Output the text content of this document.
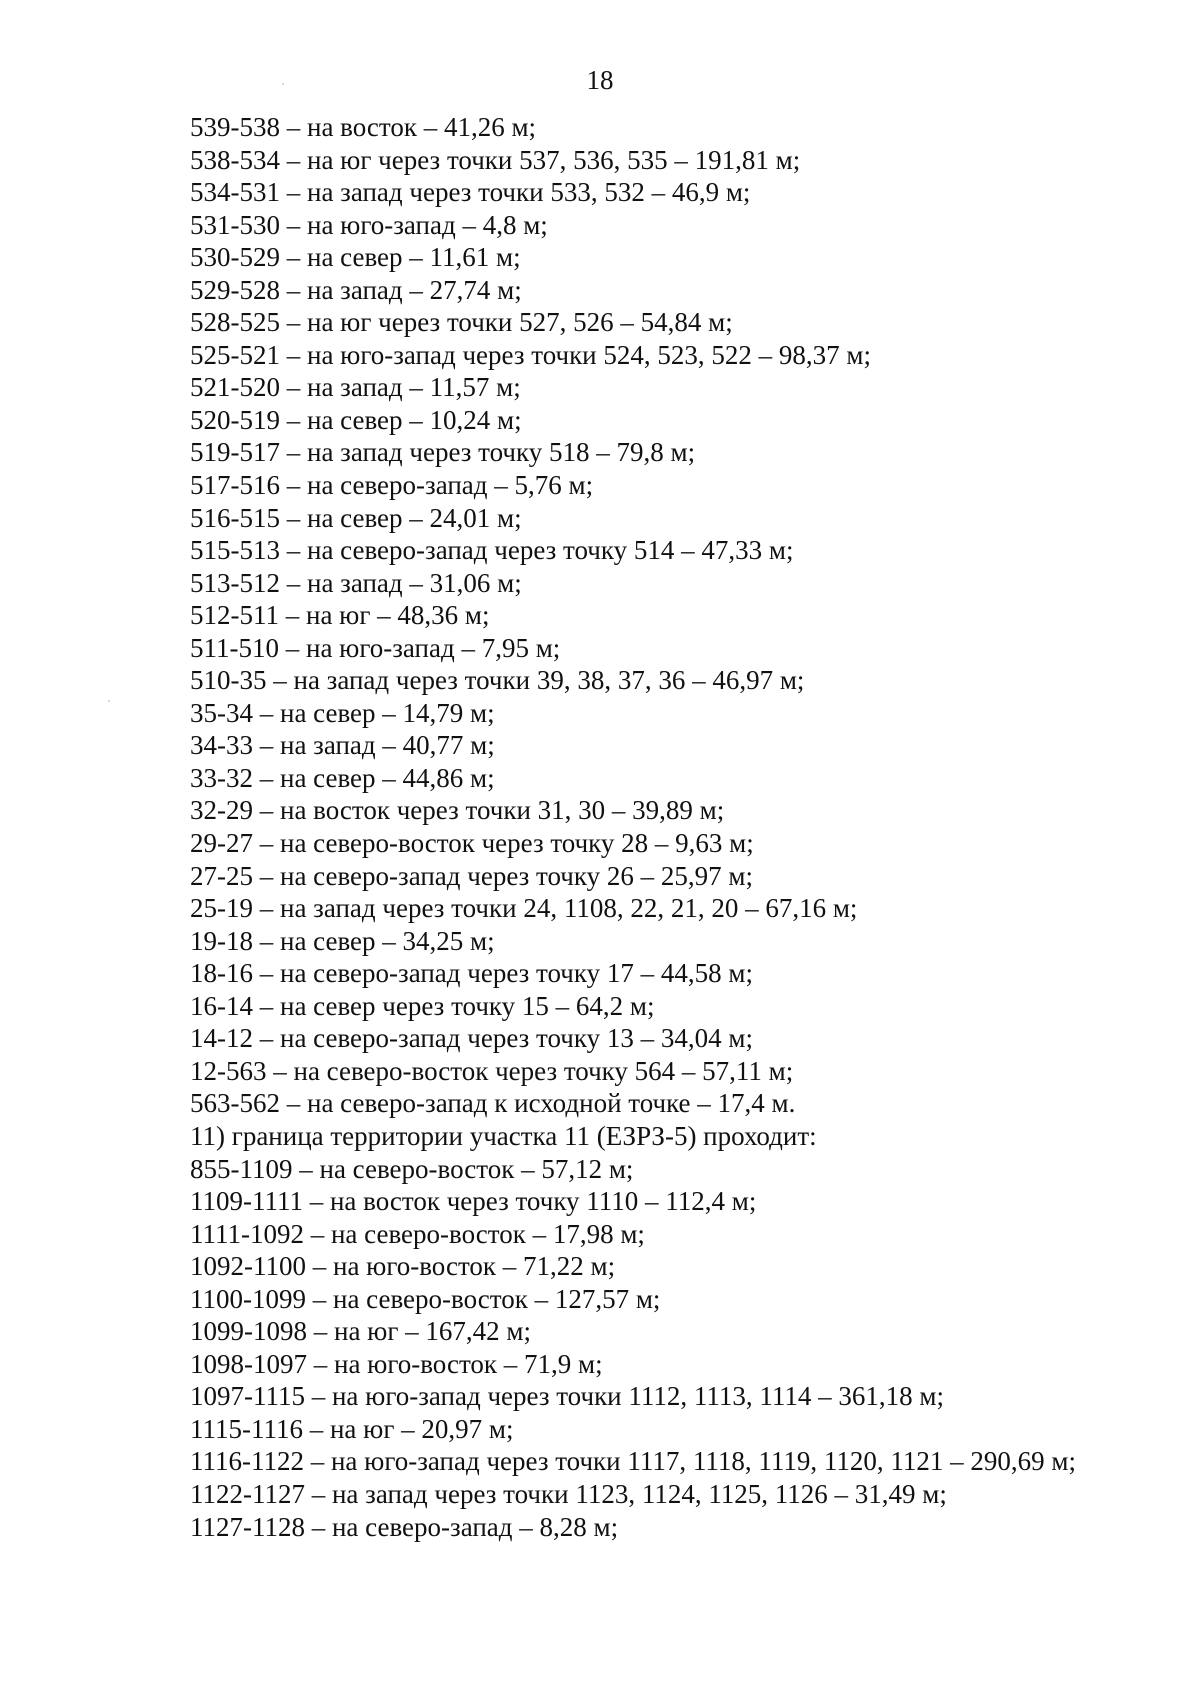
18
539-538 – на восток – 41,26 м;
538-534 – на юг через точки 537, 536, 535 – 191,81 м;
534-531 – на запад через точки 533, 532 – 46,9 м;
531-530 – на юго-запад – 4,8 м;
530-529 – на север – 11,61 м;
529-528 – на запад – 27,74 м;
528-525 – на юг через точки 527, 526 – 54,84 м;
525-521 – на юго-запад через точки 524, 523, 522 – 98,37 м;
521-520 – на запад – 11,57 м;
520-519 – на север – 10,24 м;
519-517 – на запад через точку 518 – 79,8 м;
517-516 – на северо-запад – 5,76 м;
516-515 – на север – 24,01 м;
515-513 – на северо-запад через точку 514 – 47,33 м;
513-512 – на запад – 31,06 м;
512-511 – на юг – 48,36 м;
511-510 – на юго-запад – 7,95 м;
510-35 – на запад через точки 39, 38, 37, 36 – 46,97 м;
35-34 – на север – 14,79 м;
34-33 – на запад – 40,77 м;
33-32 – на север – 44,86 м;
32-29 – на восток через точки 31, 30 – 39,89 м;
29-27 – на северо-восток через точку 28 – 9,63 м;
27-25 – на северо-запад через точку 26 – 25,97 м;
25-19 – на запад через точки 24, 1108, 22, 21, 20 – 67,16 м;
19-18 – на север – 34,25 м;
18-16 – на северо-запад через точку 17 – 44,58 м;
16-14 – на север через точку 15 – 64,2 м;
14-12 – на северо-запад через точку 13 – 34,04 м;
12-563 – на северо-восток через точку 564 – 57,11 м;
563-562 – на северо-запад к исходной точке – 17,4 м.
11) граница территории участка 11 (ЕЗРЗ-5) проходит:
855-1109 – на северо-восток – 57,12 м;
1109-1111 – на восток через точку 1110 – 112,4 м;
1111-1092 – на северо-восток – 17,98 м;
1092-1100 – на юго-восток – 71,22 м;
1100-1099 – на северо-восток – 127,57 м;
1099-1098 – на юг – 167,42 м;
1098-1097 – на юго-восток – 71,9 м;
1097-1115 – на юго-запад через точки 1112, 1113, 1114 – 361,18 м;
1115-1116 – на юг – 20,97 м;
1116-1122 – на юго-запад через точки 1117, 1118, 1119, 1120, 1121 – 290,69 м;
1122-1127 – на запад через точки 1123, 1124, 1125, 1126 – 31,49 м;
1127-1128 – на северо-запад – 8,28 м;
